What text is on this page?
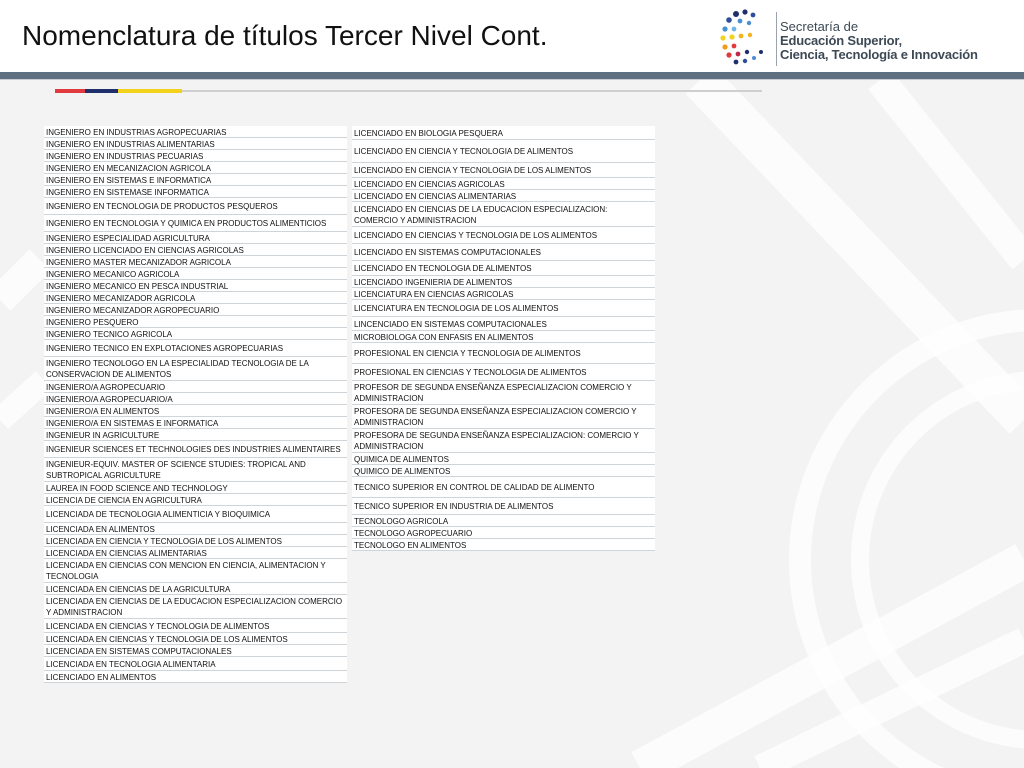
Nomenclatura de títulos Tercer Nivel Cont.	Secretaría de
Educación Superior,
Ciencia, Tecnología e Innovación
INGENIERO EN INDUSTRIAS AGROPECUARIAS
INGENIERO EN INDUSTRIAS ALIMENTARIAS
INGENIERO EN INDUSTRIAS PECUARIAS
INGENIERO EN MECANIZACION AGRICOLA
INGENIERO EN SISTEMAS E INFORMATICA
INGENIERO EN SISTEMASE INFORMATICA
INGENIERO EN TECNOLOGIA DE PRODUCTOS PESQUEROS
INGENIERO EN TECNOLOGIA Y QUIMICA EN PRODUCTOS ALIMENTICIOS
INGENIERO ESPECIALIDAD AGRICULTURA
INGENIERO LICENCIADO EN CIENCIAS AGRICOLAS
INGENIERO MASTER MECANIZADOR AGRICOLA
INGENIERO MECANICO AGRICOLA
INGENIERO MECANICO EN PESCA INDUSTRIAL
INGENIERO MECANIZADOR AGRICOLA
INGENIERO MECANIZADOR AGROPECUARIO
INGENIERO PESQUERO
INGENIERO TECNICO AGRICOLA
INGENIERO TECNICO EN EXPLOTACIONES AGROPECUARIAS
INGENIERO TECNOLOGO EN LA ESPECIALIDAD TECNOLOGIA DE LA CONSERVACION DE ALIMENTOS
INGENIERO/A AGROPECUARIO
INGENIERO/A AGROPECUARIO/A
INGENIERO/A EN ALIMENTOS
INGENIERO/A EN SISTEMAS E INFORMATICA
INGENIEUR IN AGRICULTURE
INGENIEUR SCIENCES ET TECHNOLOGIES DES INDUSTRIES ALIMENTAIRES
INGENIEUR-EQUIV. MASTER OF SCIENCE STUDIES: TROPICAL AND SUBTROPICAL AGRICULTURE
LAUREA IN FOOD SCIENCE AND TECHNOLOGY
LICENCIA DE CIENCIA EN AGRICULTURA
LICENCIADA DE TECNOLOGIA ALIMENTICIA Y BIOQUIMICA
LICENCIADA EN ALIMENTOS
LICENCIADA EN CIENCIA Y TECNOLOGIA DE LOS ALIMENTOS
LICENCIADA EN CIENCIAS ALIMENTARIAS
LICENCIADA EN CIENCIAS CON MENCION EN CIENCIA, ALIMENTACION Y TECNOLOGIA
LICENCIADA EN CIENCIAS DE LA AGRICULTURA
LICENCIADA EN CIENCIAS DE LA EDUCACION ESPECIALIZACION COMERCIO Y ADMINISTRACION
LICENCIADA EN CIENCIAS Y TECNOLOGIA DE ALIMENTOS
LICENCIADA EN CIENCIAS Y TECNOLOGIA DE LOS ALIMENTOS
LICENCIADA EN SISTEMAS COMPUTACIONALES
LICENCIADA EN TECNOLOGIA ALIMENTARIA
LICENCIADO EN ALIMENTOS
LICENCIADO EN BIOLOGIA PESQUERA
LICENCIADO EN CIENCIA Y TECNOLOGIA DE ALIMENTOS
LICENCIADO EN CIENCIA Y TECNOLOGIA DE LOS ALIMENTOS
LICENCIADO EN CIENCIAS AGRICOLAS
LICENCIADO EN CIENCIAS ALIMENTARIAS
LICENCIADO EN CIENCIAS DE LA EDUCACION ESPECIALIZACION: COMERCIO Y ADMINISTRACION
LICENCIADO EN CIENCIAS Y TECNOLOGIA DE LOS ALIMENTOS
LICENCIADO EN SISTEMAS COMPUTACIONALES
LICENCIADO EN TECNOLOGIA DE ALIMENTOS
LICENCIADO INGENIERIA DE ALIMENTOS
LICENCIATURA EN CIENCIAS AGRICOLAS
LICENCIATURA EN TECNOLOGIA DE LOS ALIMENTOS
LINCENCIADO EN SISTEMAS COMPUTACIONALES
MICROBIOLOGA CON ENFASIS EN ALIMENTOS
PROFESIONAL EN CIENCIA Y TECNOLOGIA DE ALIMENTOS
PROFESIONAL EN CIENCIAS Y TECNOLOGIA DE ALIMENTOS
PROFESOR DE SEGUNDA ENSEÑANZA ESPECIALIZACION COMERCIO Y ADMINISTRACION
PROFESORA DE SEGUNDA ENSEÑANZA ESPECIALIZACION COMERCIO Y ADMINISTRACION
PROFESORA DE SEGUNDA ENSEÑANZA ESPECIALIZACION: COMERCIO Y ADMINISTRACION
QUIMICA DE ALIMENTOS
QUIMICO DE ALIMENTOS
TECNICO SUPERIOR EN CONTROL DE CALIDAD DE ALIMENTO
TECNICO SUPERIOR EN INDUSTRIA DE ALIMENTOS
TECNOLOGO AGRICOLA
TECNOLOGO AGROPECUARIO
TECNOLOGO EN ALIMENTOS
